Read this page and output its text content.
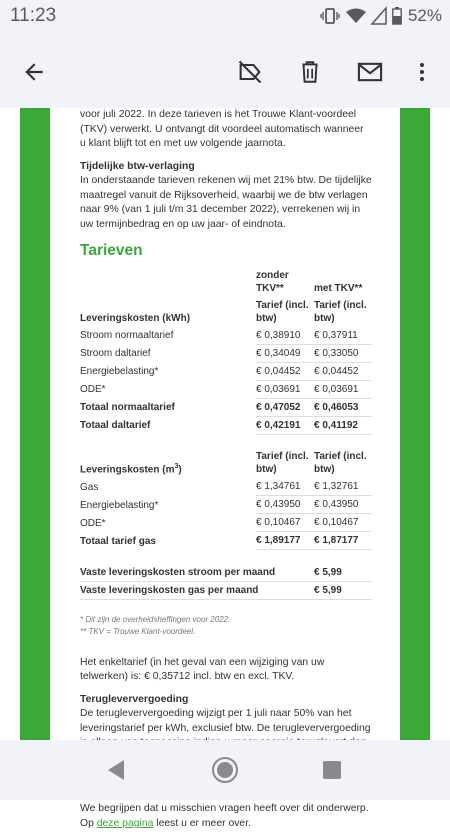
11:23	52%

voor juli 2022. In deze tarieven is het Trouwe Klant-voordeel (TKV) verwerkt. U ontvangt dit voordeel automatisch wanneer u klant blijft tot en met uw volgende jaarnota.

Tijdelijke btw-verlaging

In onderstaande tarieven rekenen wij met 21% btw. De tijdelijke maatregel vanuit de Rijksoverheid, waarbij we de btw verlagen naar 9% (van 1 juli t/m 31 december 2022), verrekenen wij in uw termijnbedrag en op uw jaar- of eindnota.

Tarieven
	zonder TKV**	met TKV**
Leveringskosten (kWh)	Tarief (incl. btw)	Tarief (incl. btw)
Stroom normaaltarief	€ 0,38910	€ 0,37911
Stroom daltarief	€ 0,34049	€ 0,33050
Energiebelasting*	€ 0,04452	€ 0,04452
ODE*	€ 0,03691	€ 0,03691
Totaal normaaltarief	€ 0,47052	€ 0,46053
Totaal daltarief	€ 0,42191	€ 0,41192

Leveringskosten $(m^3)$	Tarief (incl. btw)	Tarief (incl. btw)
Gas	€ 1,34761	€ 1,32761
Energiebelasting*	€ 0,43950	€ 0,43950
ODE*	€ 0,10467	€ 0,10467
Totaal tarief gas	€ 1,89177	€ 1,87177

Vaste leveringskosten stroom per maand		€ 5,99
Vaste leveringskosten gas per maand		€ 5,99
* Dit zijn de overheidsheffingen voor 2022.
** TKV = Trouwe Klant-voordeel.

Het enkeltarief (in het geval van een wijziging van uw telwerken) is: € 0,35712 incl. btw en excl. TKV.

Terugleververgoeding

De terugleververgoeding wijzigt per 1 juli naar 50% van het leveringstarief per kWh, exclusief btw. De terugleververgoeding

We begrijpen dat u misschien vragen heeft over dit onderwerp. Op deze pagina leest u er meer over.
